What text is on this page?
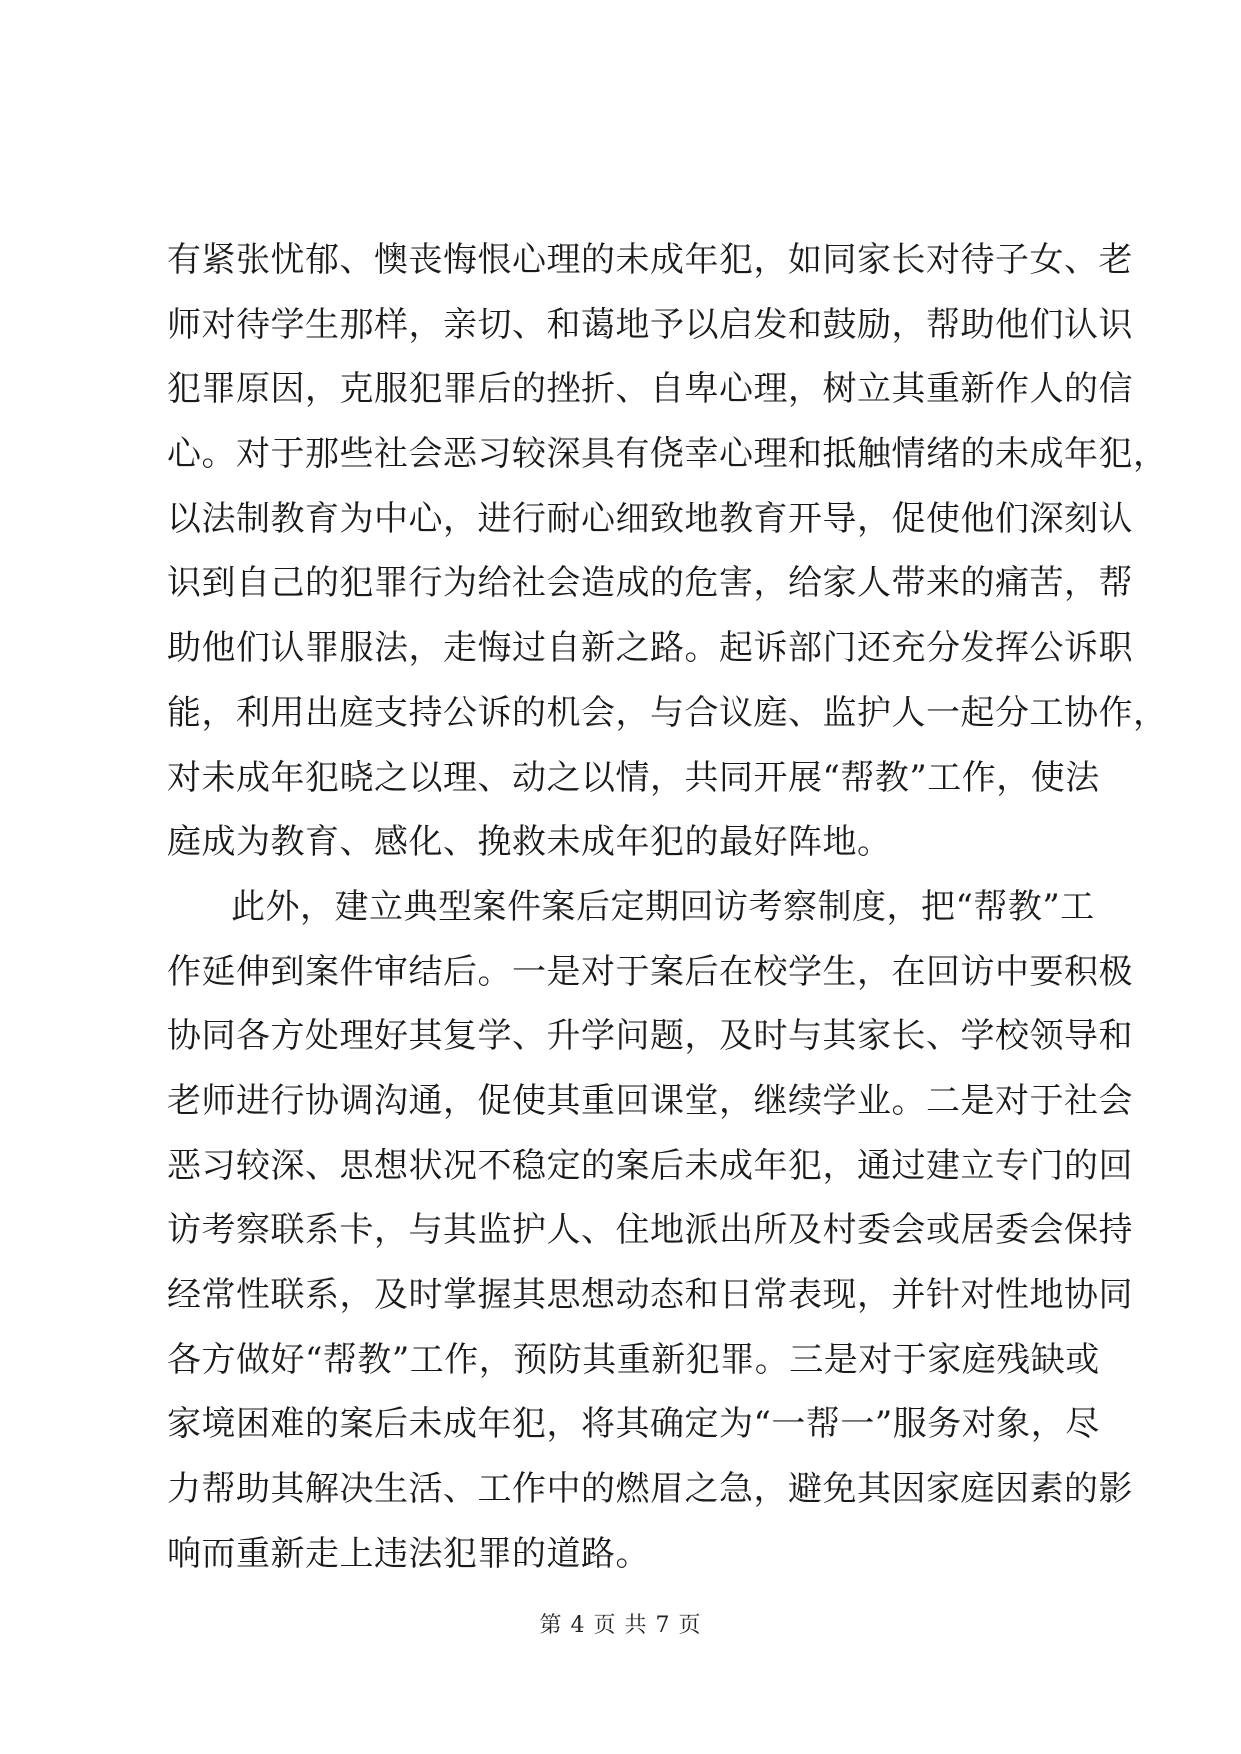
有紧张忧郁、懊丧悔恨心理的未成年犯，如同家长对待子女、老
师对待学生那样，亲切、和蔼地予以启发和鼓励，帮助他们认识
犯罪原因，克服犯罪后的挫折、自卑心理，树立其重新作人的信
心。对于那些社会恶习较深具有侥幸心理和抵触情绪的未成年犯，
以法制教育为中心，进行耐心细致地教育开导，促使他们深刻认
识到自己的犯罪行为给社会造成的危害，给家人带来的痛苦，帮
助他们认罪服法，走悔过自新之路。起诉部门还充分发挥公诉职
能，利用出庭支持公诉的机会，与合议庭、监护人一起分工协作，
对未成年犯晓之以理、动之以情，共同开展“帮教”工作，使法
庭成为教育、感化、挽救未成年犯的最好阵地。
此外，建立典型案件案后定期回访考察制度，把“帮教”工
作延伸到案件审结后。一是对于案后在校学生，在回访中要积极
协同各方处理好其复学、升学问题，及时与其家长、学校领导和
老师进行协调沟通，促使其重回课堂，继续学业。二是对于社会
恶习较深、思想状况不稳定的案后未成年犯，通过建立专门的回
访考察联系卡，与其监护人、住地派出所及村委会或居委会保持
经常性联系，及时掌握其思想动态和日常表现，并针对性地协同
各方做好“帮教”工作，预防其重新犯罪。三是对于家庭残缺或
家境困难的案后未成年犯，将其确定为“一帮一”服务对象，尽
力帮助其解决生活、工作中的燃眉之急，避免其因家庭因素的影
响而重新走上违法犯罪的道路。
第 4 页 共 7 页
